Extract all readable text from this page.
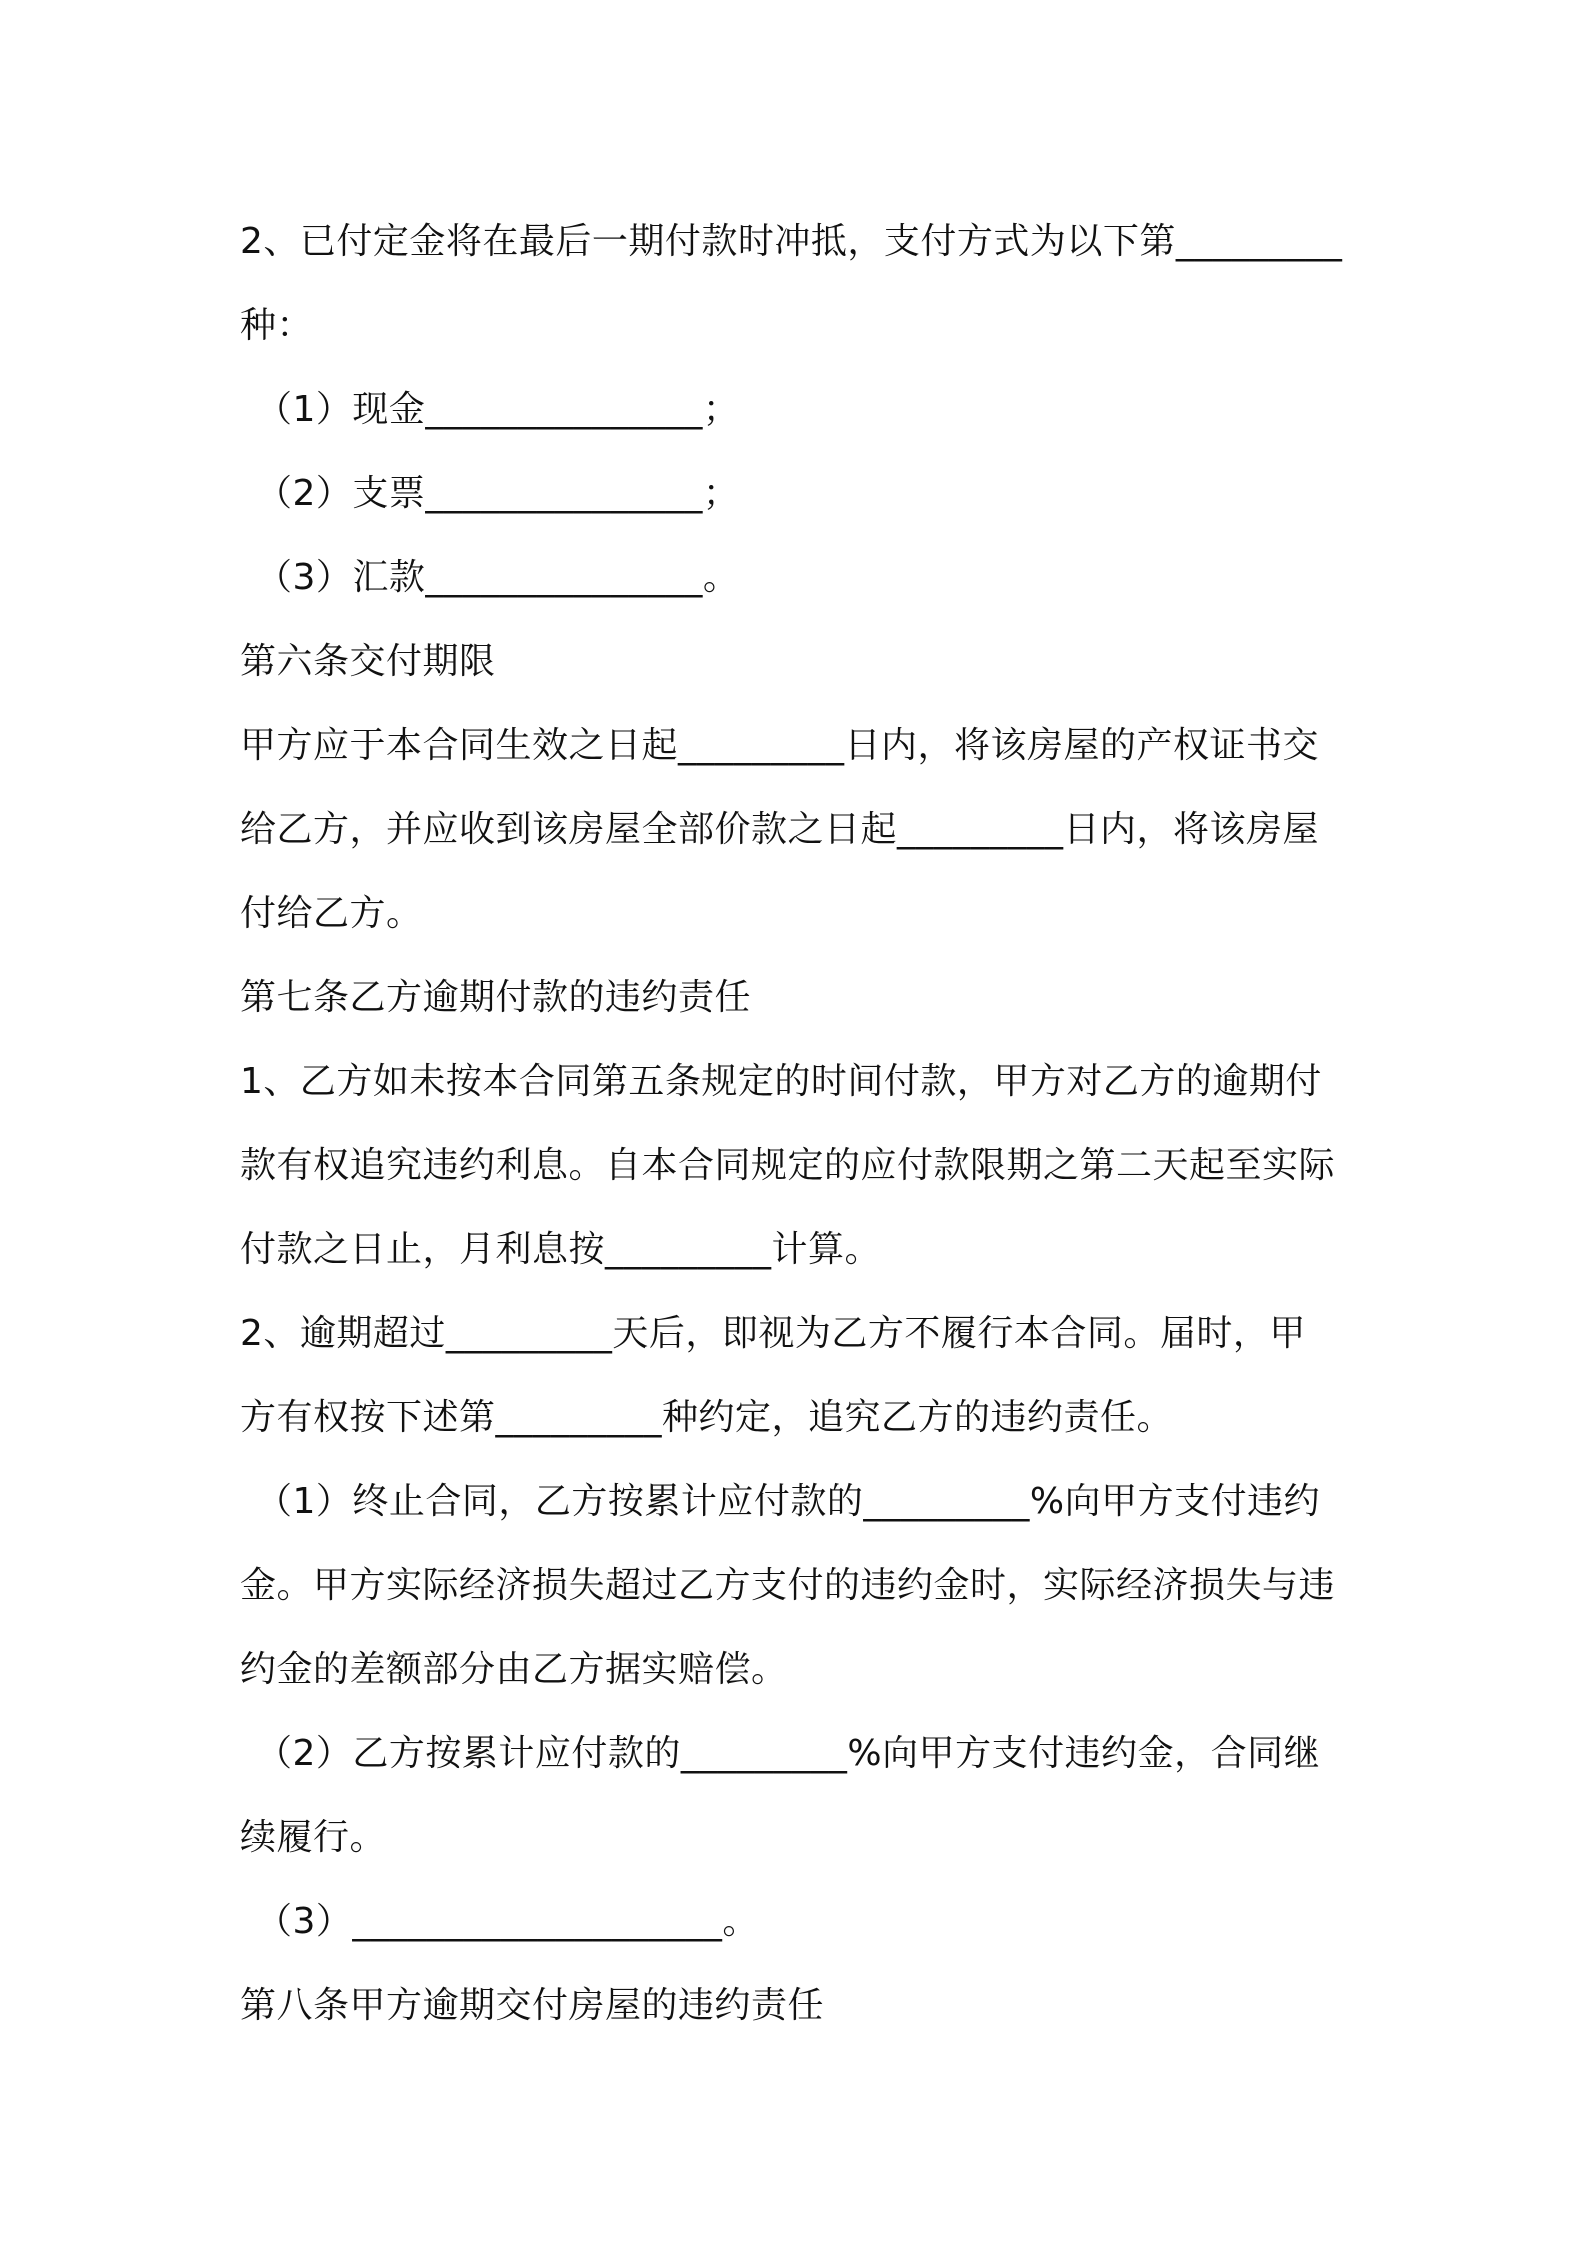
2、已付定金将在最后一期付款时冲抵，支付方式为以下第_________
种：
（1）现金_______________；
（2）支票_______________；
（3）汇款_______________。
第六条交付期限
甲方应于本合同生效之日起_________日内，将该房屋的产权证书交
给乙方，并应收到该房屋全部价款之日起_________日内，将该房屋
付给乙方。
第七条乙方逾期付款的违约责任
1、乙方如未按本合同第五条规定的时间付款，甲方对乙方的逾期付
款有权追究违约利息。自本合同规定的应付款限期之第二天起至实际
付款之日止，月利息按_________计算。
2、逾期超过_________天后，即视为乙方不履行本合同。届时，甲
方有权按下述第_________种约定，追究乙方的违约责任。
（1）终止合同，乙方按累计应付款的_________%向甲方支付违约
金。甲方实际经济损失超过乙方支付的违约金时，实际经济损失与违
约金的差额部分由乙方据实赔偿。
（2）乙方按累计应付款的_________%向甲方支付违约金，合同继
续履行。
（3）____________________。
第八条甲方逾期交付房屋的违约责任
